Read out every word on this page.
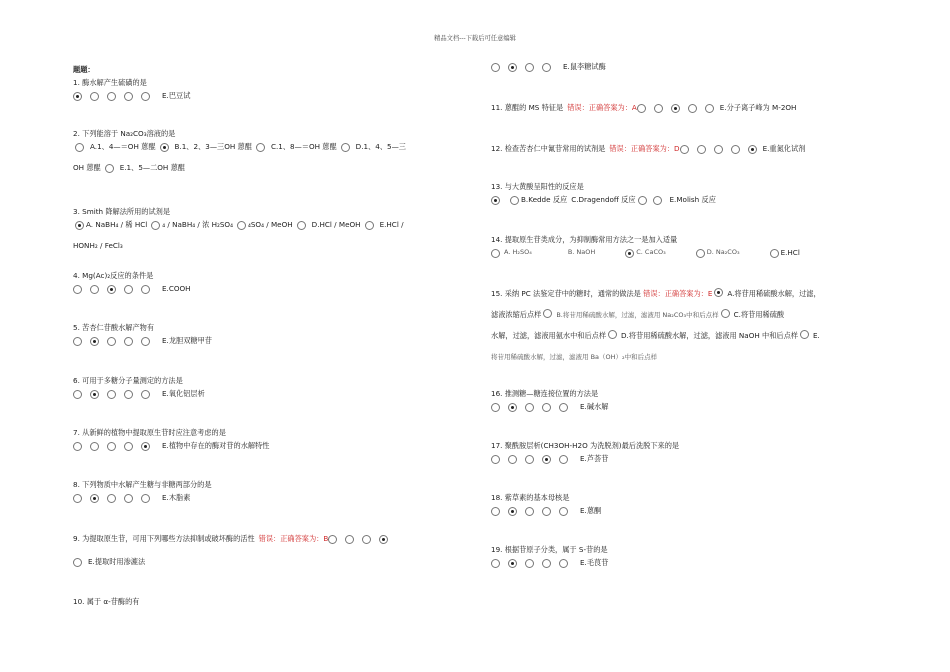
精品文档---下载后可任意编辑
题题：
1. 酶水解产生硫磺的是
E.巴豆试
2. 下列能溶于 Na₂CO₃溶液的是
A.1、4—＝OH 蒽醌	B.1、2、3—三OH 蒽醌	C.1、8—＝OH 蒽醌	D.1、4、5—三
OH 蒽醌	E.1、5—二OH 蒽醌
3. Smith 降解法所用的试剂是
A. NaBH₄ / 稀 HCl ₄ / NaBH₄ / 浓 H₂SO₄ ₄SO₄ / MeOH	D.HCl / MeOH	E.HCl /
HONH₂ / FeCl₃
4. Mg(Ac)₂反应的条件是
E.COOH
5. 苦杏仁苷酸水解产物有
E.龙胆双糖甲苷
6. 可用于多糖分子量测定的方法是
E.氧化铝层析
7. 从新鲜的植物中提取原生苷时应注意考虑的是
E.植物中存在的酶对苷的水解特性
8. 下列物质中水解产生糖与非糖两部分的是
E.木脂素
9. 为提取原生苷，可用下列哪些方法抑制或破坏酶的活性 错误：正确答案为：B
E.提取时用渗漉法
10. 属于 α-苷酶的有
E.鼠李糖试酶
11. 蒽醌的 MS 特征是 错误：正确答案为：A	E.分子离子峰为 M-2OH
12. 检查苦杏仁中氰苷常用的试剂是 错误：正确答案为：D	E.重氮化试剂
13. 与大黄酸呈阳性的反应是
B.Kedde 反应 C.Dragendoff 反应	E.Molish 反应
14. 提取原生苷类成分，为抑制酶常用方法之一是加入适量
A. H₂SO₄	B. NaOH	C. CaCO₃	D. Na₂CO₃	E.HCl
15. 采纳 PC 法鉴定苷中的糖时，通常的做法是 错误：正确答案为：E A.将苷用稀硫酸水解，过滤，
滤液浓缩后点样 B.将苷用稀硫酸水解，过滤，滤液用 Na₂CO₃中和后点样 C.将苷用稀硫酸
水解，过滤，滤液用氨水中和后点样 D.将苷用稀硫酸水解，过滤，滤液用 NaOH 中和后点样 E.
将苷用稀硫酸水解，过滤，滤液用 Ba（OH）₂中和后点样
16. 推测糖—糖连接位置的方法是
E.碱水解
17. 聚酰胺层析(CH3OH-H2O 为洗脱剂)最后洗脱下来的是
E.芦荟苷
18. 紫草素的基本母核是
E.蒽酮
19. 根据苷原子分类，属于 S-苷的是
E.毛茛苷
